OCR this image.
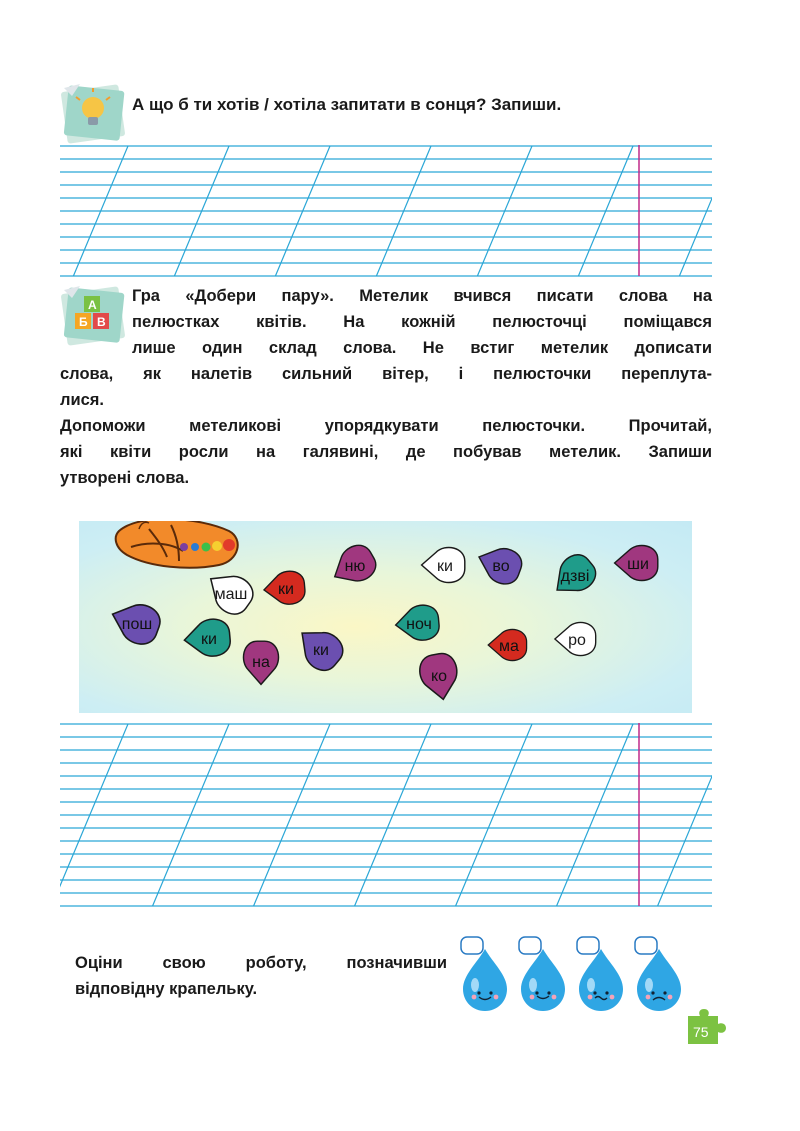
А що б ти хотів / хотіла запитати в сонця? Запиши.
А
Б В
Гра «Добери пару». Метелик вчився писати слова на
пелюстках квітів. На кожній пелюсточці поміщався
лише один склад слова. Не встиг метелик дописати
слова, як налетів сильний вітер, і пелюсточки переплута-
лися.
Допоможи метеликові упорядкувати пелюсточки. Прочитай,
які квіти росли на галявині, де побував метелик. Запиши
утворені слова.
пош
маш ки
ню	ки во
дзві
ши
ки
на
ки
ноч
ко
ма	ро
Оціни свою роботу, позначивши
відповідну крапельку.
75
